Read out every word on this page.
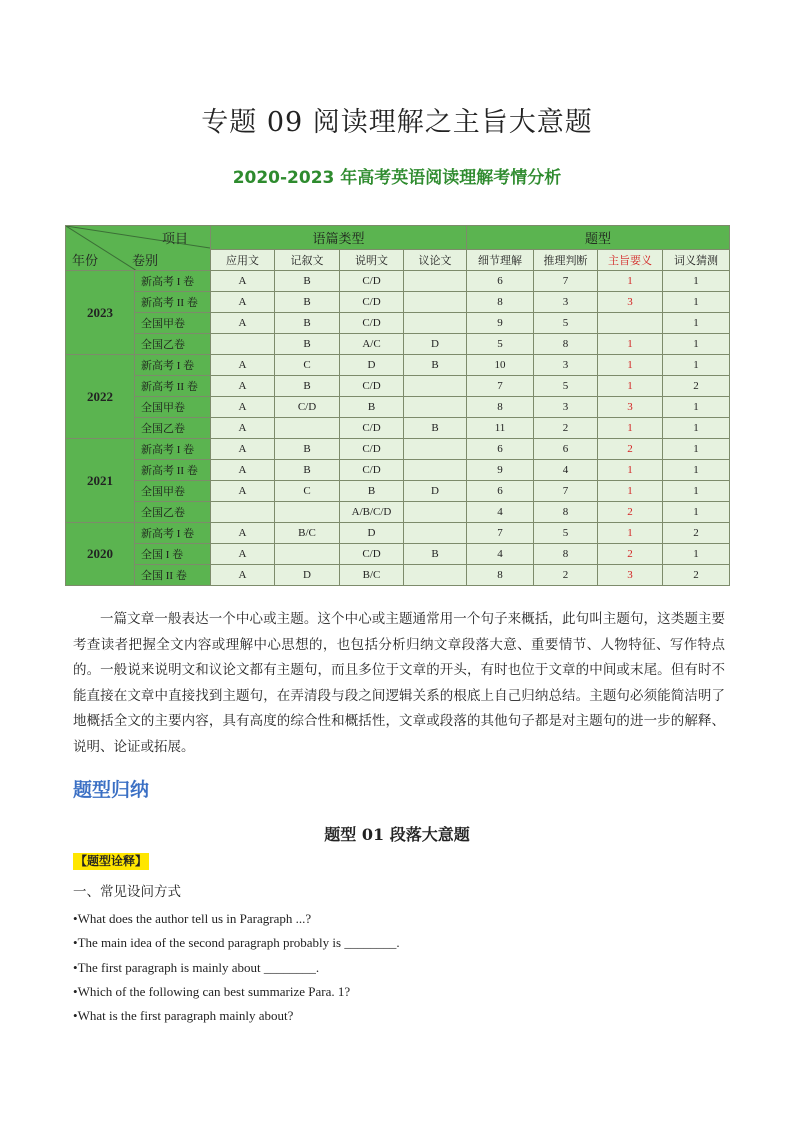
专题 09 阅读理解之主旨大意题
2020-2023 年高考英语阅读理解考情分析
项目
卷别
年份		语篇类型				题型			
		应用文	记叙文	说明文	议论文	细节理解	推理判断	主旨要义	词义猜测
2023	新高考 I 卷	A	B	C/D		6	7	1	1
	新高考 II 卷	A	B	C/D		8	3	3	1
	全国甲卷	A	B	C/D		9	5		1
	全国乙卷		B	A/C	D	5	8	1	1
2022	新高考 I 卷	A	C	D	B	10	3	1	1
	新高考 II 卷	A	B	C/D		7	5	1	2
	全国甲卷	A	C/D	B		8	3	3	1
	全国乙卷	A		C/D	B	11	2	1	1
2021	新高考 I 卷	A	B	C/D		6	6	2	1
	新高考 II 卷	A	B	C/D		9	4	1	1
	全国甲卷	A	C	B	D	6	7	1	1
	全国乙卷			A/B/C/D		4	8	2	1
2020	新高考 I 卷	A	B/C	D		7	5	1	2
	全国 I 卷	A		C/D	B	4	8	2	1
	全国 II 卷	A	D	B/C		8	2	3	2
一篇文章一般表达一个中心或主题。这个中心或主题通常用一个句子来概括，此句叫主题句，这类题主要考查读者把握全文内容或理解中心思想的，也包括分析归纳文章段落大意、重要情节、人物特征、写作特点的。一般说来说明文和议论文都有主题句，而且多位于文章的开头，有时也位于文章的中间或末尾。但有时不能直接在文章中直接找到主题句，在弄清段与段之间逻辑关系的根底上自己归纳总结。主题句必须能简洁明了地概括全文的主要内容，具有高度的综合性和概括性，文章或段落的其他句子都是对主题句的进一步的解释、说明、论证或拓展。
题型归纳
题型 01 段落大意题
【题型诠释】
一、常见设问方式
• What does the author tell us in Paragraph ...?
• The main idea of the second paragraph probably is ________.
• The first paragraph is mainly about ________.
• Which of the following can best summarize Para. 1?
• What is the first paragraph mainly about?
